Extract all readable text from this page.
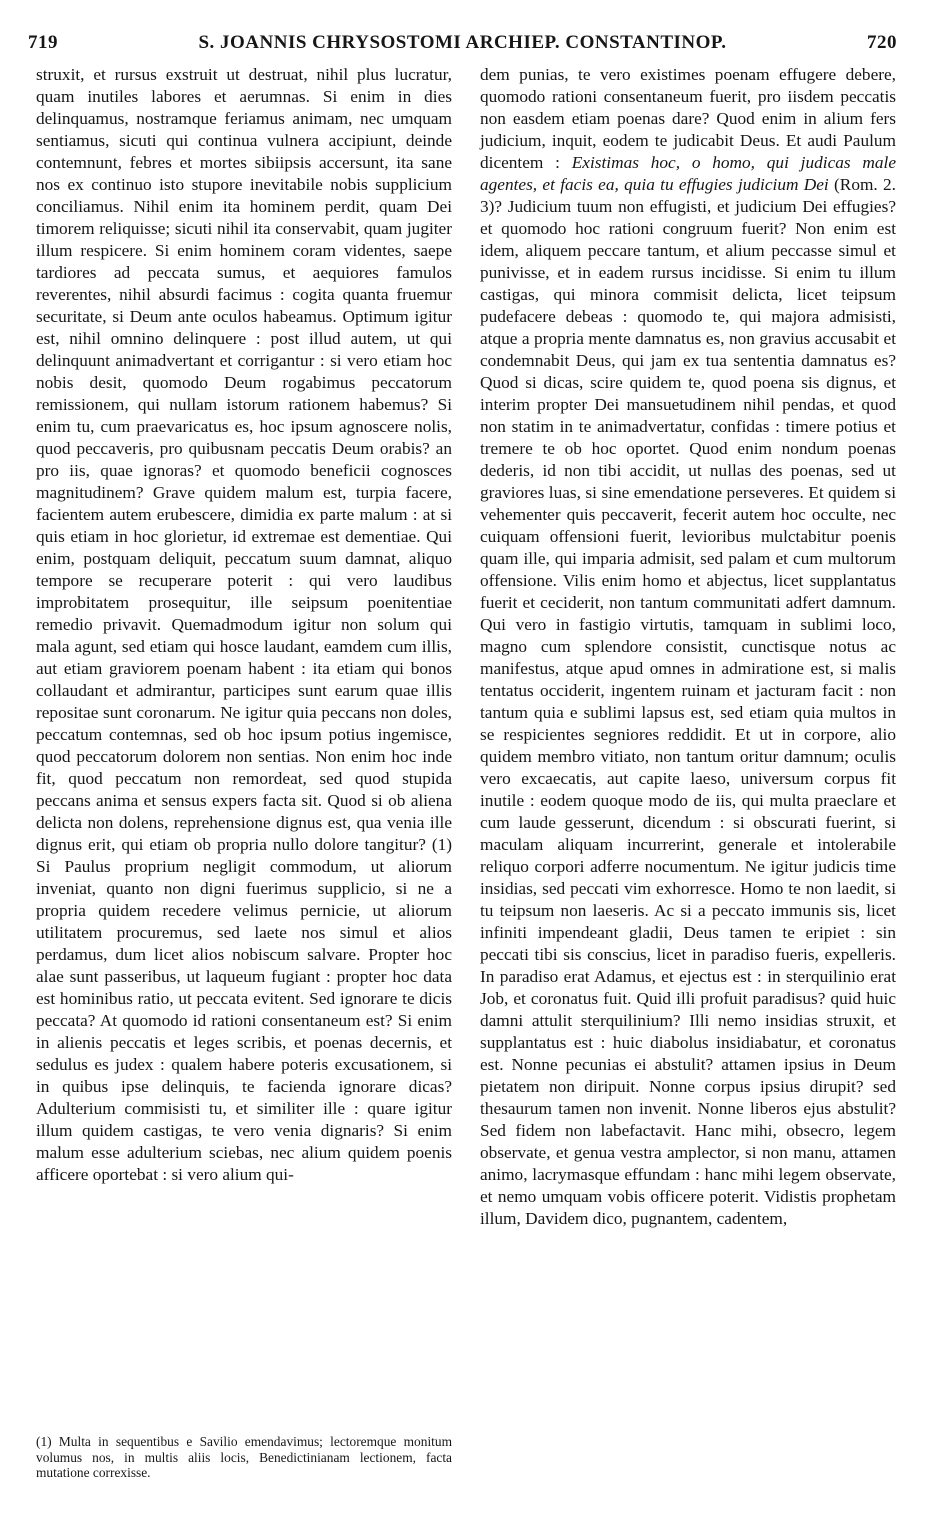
719	S. JOANNIS CHRYSOSTOMI ARCHIEP. CONSTANTINOP.	720

struxit, et rursus exstruit ut destruat, nihil plus lucratur, quam inutiles labores et aerumnas. Si enim in dies delinquamus, nostramque feriamus animam, nec umquam sentiamus, sicuti qui continua vulnera accipiunt, deinde contemnunt, febres et mortes sibiipsis accersunt, ita sane nos ex continuo isto stupore inevitabile nobis supplicium conciliamus. Nihil enim ita hominem perdit, quam Dei timorem reliquisse; sicuti nihil ita conservabit, quam jugiter illum respicere. Si enim hominem coram videntes, saepe tardiores ad peccata sumus, et aequiores famulos reverentes, nihil absurdi facimus : cogita quanta fruemur securitate, si Deum ante oculos habeamus. Optimum igitur est, nihil omnino delinquere : post illud autem, ut qui delinquunt animadvertant et corrigantur : si vero etiam hoc nobis desit, quomodo Deum rogabimus peccatorum remissionem, qui nullam istorum rationem habemus? Si enim tu, cum praevaricatus es, hoc ipsum agnoscere nolis, quod peccaveris, pro quibusnam peccatis Deum orabis? an pro iis, quae ignoras? et quomodo beneficii cognosces magnitudinem? Grave quidem malum est, turpia facere, facientem autem erubescere, dimidia ex parte malum : at si quis etiam in hoc glorietur, id extremae est dementiae. Qui enim, postquam deliquit, peccatum suum damnat, aliquo tempore se recuperare poterit : qui vero laudibus improbitatem prosequitur, ille seipsum poenitentiae remedio privavit. Quemadmodum igitur non solum qui mala agunt, sed etiam qui hosce laudant, eamdem cum illis, aut etiam graviorem poenam habent : ita etiam qui bonos collaudant et admirantur, participes sunt earum quae illis repositae sunt coronarum. Ne igitur quia peccans non doles, peccatum contemnas, sed ob hoc ipsum potius ingemisce, quod peccatorum dolorem non sentias. Non enim hoc inde fit, quod peccatum non remordeat, sed quod stupida peccans anima et sensus expers facta sit. Quod si ob aliena delicta non dolens, reprehensione dignus est, qua venia ille dignus erit, qui etiam ob propria nullo dolore tangitur? (1) Si Paulus proprium negligit commodum, ut aliorum inveniat, quanto non digni fuerimus supplicio, si ne a propria quidem recedere velimus pernicie, ut aliorum utilitatem procuremus, sed laete nos simul et alios perdamus, dum licet alios nobiscum salvare. Propter hoc alae sunt passeribus, ut laqueum fugiant : propter hoc data est hominibus ratio, ut peccata evitent. Sed ignorare te dicis peccata? At quomodo id rationi consentaneum est? Si enim in alienis peccatis et leges scribis, et poenas decernis, et sedulus es judex : qualem habere poteris excusationem, si in quibus ipse delinquis, te facienda ignorare dicas? Adulterium commisisti tu, et similiter ille : quare igitur illum quidem castigas, te vero venia dignaris? Si enim malum esse adulterium sciebas, nec alium quidem poenis afficere oportebat : si vero alium qui-

(1) Multa in sequentibus e Savilio emendavimus; lectoremque monitum volumus nos, in multis aliis locis, Benedictinianam lectionem, facta mutatione correxisse.

dem punias, te vero existimes poenam effugere debere, quomodo rationi consentaneum fuerit, pro iisdem peccatis non easdem etiam poenas dare? Quod enim in alium fers judicium, inquit, eodem te judicabit Deus. Et audi Paulum dicentem : Existimas hoc, o homo, qui judicas male agentes, et facis ea, quia tu effugies judicium Dei (Rom. 2. 3)? Judicium tuum non effugisti, et judicium Dei effugies? et quomodo hoc rationi congruum fuerit? Non enim est idem, aliquem peccare tantum, et alium peccasse simul et punivisse, et in eadem rursus incidisse. Si enim tu illum castigas, qui minora commisit delicta, licet teipsum pudefacere debeas : quomodo te, qui majora admisisti, atque a propria mente damnatus es, non gravius accusabit et condemnabit Deus, qui jam ex tua sententia damnatus es? Quod si dicas, scire quidem te, quod poena sis dignus, et interim propter Dei mansuetudinem nihil pendas, et quod non statim in te animadvertatur, confidas : timere potius et tremere te ob hoc oportet. Quod enim nondum poenas dederis, id non tibi accidit, ut nullas des poenas, sed ut graviores luas, si sine emendatione perseveres. Et quidem si vehementer quis peccaverit, fecerit autem hoc occulte, nec cuiquam offensioni fuerit, levioribus mulctabitur poenis quam ille, qui impariа admisit, sed palam et cum multorum offensione. Vilis enim homo et abjectus, licet supplantatus fuerit et ceciderit, non tantum communitati adfert damnum. Qui vero in fastigio virtutis, tamquam in sublimi loco, magno cum splendore consistit, cunctisque notus ac manifestus, atque apud omnes in admiratione est, si malis tentatus occiderit, ingentem ruinam et jacturam facit : non tantum quia e sublimi lapsus est, sed etiam quia multos in se respicientes segniores reddidit. Et ut in corpore, alio quidem membro vitiato, non tantum oritur damnum; oculis vero excaecatis, aut capite laeso, universum corpus fit inutile : eodem quoque modo de iis, qui multa praeclare et cum laude gesserunt, dicendum : si obscurati fuerint, si maculam aliquam incurrerint, generale et intolerabile reliquo corpori adferre nocumentum. Ne igitur judicis time insidias, sed peccati vim exhorresce. Homo te non laedit, si tu teipsum non laeseris. Ac si a peccato immunis sis, licet infiniti impendeant gladii, Deus tamen te eripiet : sin peccati tibi sis conscius, licet in paradiso fueris, expelleris. In paradiso erat Adamus, et ejectus est : in sterquilinio erat Job, et coronatus fuit. Quid illi profuit paradisus? quid huic damni attulit sterquilinium? Illi nemo insidias struxit, et supplantatus est : huic diabolus insidiabatur, et coronatus est. Nonne pecunias ei abstulit? attamen ipsius in Deum pietatem non diripuit. Nonne corpus ipsius dirupit? sed thesaurum tamen non invenit. Nonne liberos ejus abstulit? Sed fidem non labefactavit. Hanc mihi, obsecro, legem observate, et genua vestra amplector, si non manu, attamen animo, lacrymasque effundam : hanc mihi legem observate, et nemo umquam vobis officere poterit. Vidistis prophetam illum, Davidem dico, pugnantem, cadentem,
